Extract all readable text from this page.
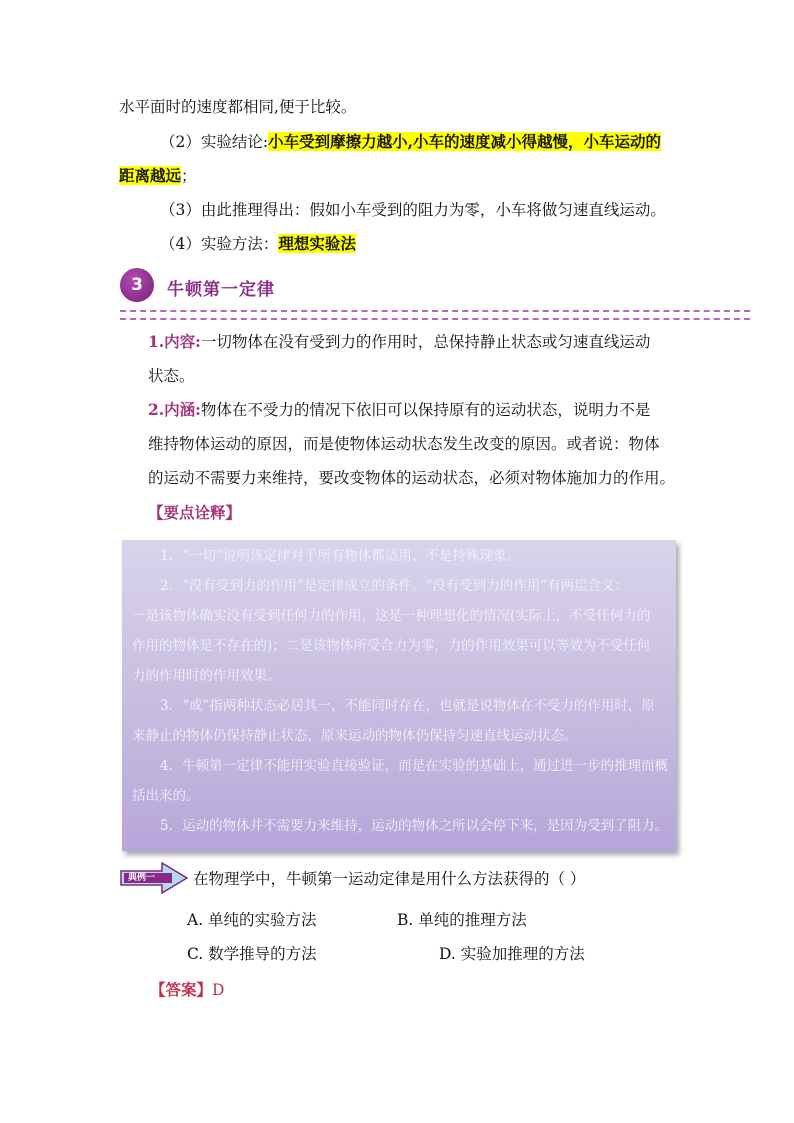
水平面时的速度都相同,便于比较。
（2）实验结论:小车受到摩擦力越小,小车的速度减小得越慢，小车运动的
距离越远；
（3）由此推理得出：假如小车受到的阻力为零，小车将做匀速直线运动。
（4）实验方法：理想实验法
3	牛顿第一定律
1.内容:一切物体在没有受到力的作用时，总保持静止状态或匀速直线运动
状态。
2.内涵:物体在不受力的情况下依旧可以保持原有的运动状态，说明力不是
维持物体运动的原因，而是使物体运动状态发生改变的原因。或者说：物体
的运动不需要力来维持，要改变物体的运动状态，必须对物体施加力的作用。
【要点诠释】
1．“一切”说明该定律对于所有物体都适用，不是特殊现象。
2．“没有受到力的作用”是定律成立的条件。“没有受到力的作用”有两层含义：
一是该物体确实没有受到任何力的作用，这是一种理想化的情况(实际上，不受任何力的
作用的物体是不存在的)；二是该物体所受合力为零，力的作用效果可以等效为不受任何
力的作用时的作用效果。
3．“或”指两种状态必居其一，不能同时存在，也就是说物体在不受力的作用时，原
来静止的物体仍保持静止状态，原来运动的物体仍保持匀速直线运动状态。
4．牛顿第一定律不能用实验直接验证，而是在实验的基础上，通过进一步的推理而概
括出来的。
5．运动的物体并不需要力来维持，运动的物体之所以会停下来，是因为受到了阻力。
典例一 在物理学中，牛顿第一运动定律是用什么方法获得的（ ）
A. 单纯的实验方法	B. 单纯的推理方法
C. 数学推导的方法	D. 实验加推理的方法
【答案】D
